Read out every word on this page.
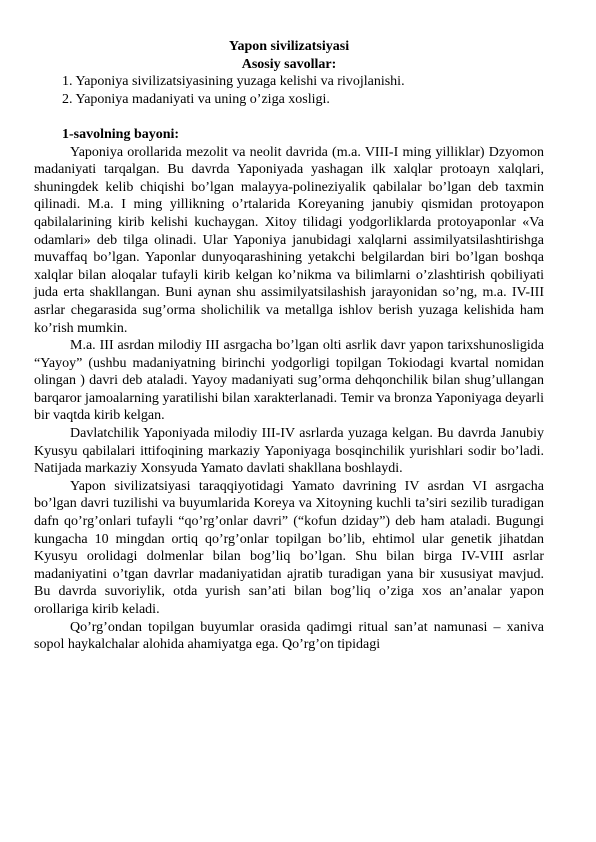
Yapon sivilizatsiyasi

Asosiy savollar:

1. Yaponiya sivilizatsiyasining yuzaga kelishi va rivojlanishi.
2. Yaponiya madaniyati va uning o’ziga xosligi.

1-savolning bayoni:

Yaponiya orollarida mezolit va neolit davrida (m.a. VIII-I ming yilliklar) Dzyomon madaniyati tarqalgan. Bu davrda Yaponiyada yashagan ilk xalqlar protoayn xalqlari, shuningdek kelib chiqishi bo’lgan malayya-polineziyalik qabilalar bo’lgan deb taxmin qilinadi. M.a. I ming yillikning o’rtalarida Koreyaning janubiy qismidan protoyapon qabilalarining kirib kelishi kuchaygan. Xitoy tilidagi yodgorliklarda protoyaponlar «Va odamlari» deb tilga olinadi. Ular Yaponiya janubidagi xalqlarni assimilyatsilashtirishga muvaffaq bo’lgan. Yaponlar dunyoqarashining yetakchi belgilardan biri bo’lgan boshqa xalqlar bilan aloqalar tufayli kirib kelgan ko’nikma va bilimlarni o’zlashtirish qobiliyati juda erta shakllangan. Buni aynan shu assimilyatsilashish jarayonidan so’ng, m.a. IV-III asrlar chegarasida sug’orma sholichilik va metallga ishlov berish yuzaga kelishida ham ko’rish mumkin.

M.a. III asrdan milodiy III asrgacha bo’lgan olti asrlik davr yapon tarixshunosligida “Yayoy” (ushbu madaniyatning birinchi yodgorligi topilgan Tokiodagi kvartal nomidan olingan ) davri deb ataladi. Yayoy madaniyati sug’orma dehqonchilik bilan shug’ullangan barqaror jamoalarning yaratilishi bilan xarakterlanadi. Temir va bronza Yaponiyaga deyarli bir vaqtda kirib kelgan.

Davlatchilik Yaponiyada milodiy III-IV asrlarda yuzaga kelgan. Bu davrda Janubiy Kyusyu qabilalari ittifoqining markaziy Yaponiyaga bosqinchilik yurishlari sodir bo’ladi. Natijada markaziy Xonsyuda Yamato davlati shakllana boshlaydi.

Yapon sivilizatsiyasi taraqqiyotidagi Yamato davrining IV asrdan VI asrgacha bo’lgan davri tuzilishi va buyumlarida Koreya va Xitoyning kuchli ta’siri sezilib turadigan dafn qo’rg’onlari tufayli “qo’rg’onlar davri” (“kofun dziday”) deb ham ataladi. Bugungi kungacha 10 mingdan ortiq qo’rg’onlar topilgan bo’lib, ehtimol ular genetik jihatdan Kyusyu orolidagi dolmenlar bilan bog’liq bo’lgan. Shu bilan birga IV-VIII asrlar madaniyatini o’tgan davrlar madaniyatidan ajratib turadigan yana bir xususiyat mavjud. Bu davrda suvoriylik, otda yurish san’ati bilan bog’liq o’ziga xos an’analar yapon orollariga kirib keladi.

Qo’rg’ondan topilgan buyumlar orasida qadimgi ritual san’at namunasi – xaniva sopol haykalchalar alohida ahamiyatga ega. Qo’rg’on tipidagi
